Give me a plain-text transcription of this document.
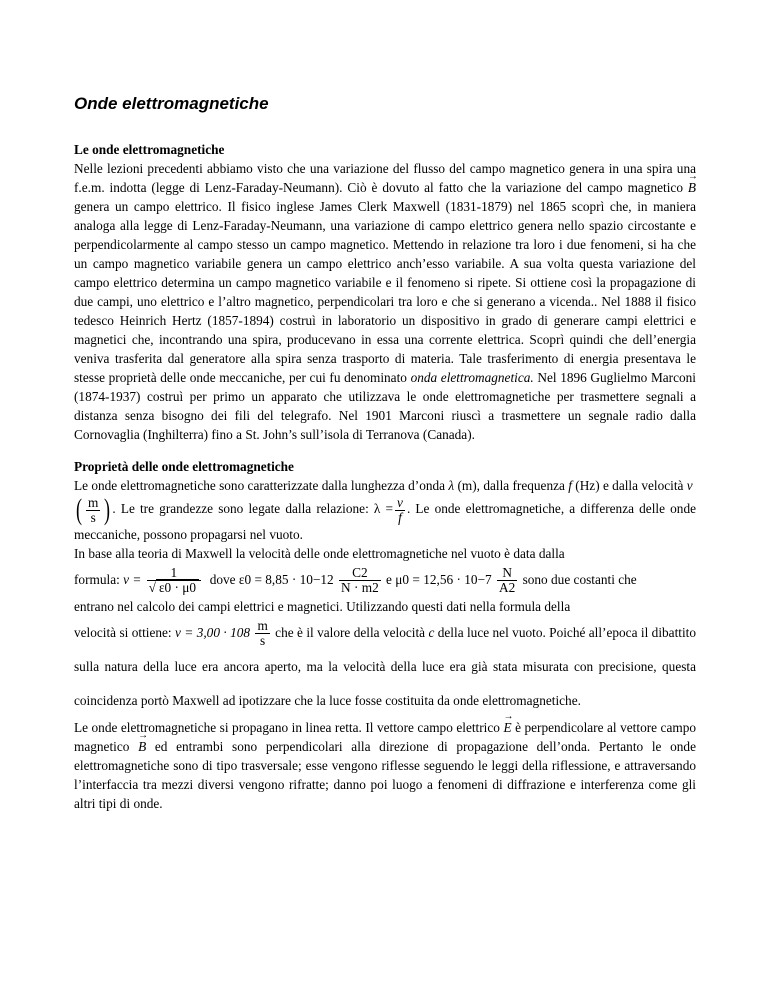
Onde elettromagnetiche
Le onde elettromagnetiche

Nelle lezioni precedenti abbiamo visto che una variazione del flusso del campo magnetico genera in una spira una f.e.m. indotta (legge di Lenz-Faraday-Neumann). Ciò è dovuto al fatto che la variazione del campo magnetico → B genera un campo elettrico. Il fisico inglese James Clerk Maxwell (1831-1879) nel 1865 scoprì che, in maniera analoga alla legge di Lenz-Faraday-Neumann, una variazione di campo elettrico genera nello spazio circostante e perpendicolarmente al campo stesso un campo magnetico. Mettendo in relazione tra loro i due fenomeni, si ha che un campo magnetico variabile genera un campo elettrico anch’esso variabile. A sua volta questa variazione del campo elettrico determina un campo magnetico variabile e il fenomeno si ripete. Si ottiene così la propagazione di due campi, uno elettrico e l’altro magnetico, perpendicolari tra loro e che si generano a vicenda.. Nel 1888 il fisico tedesco Heinrich Hertz (1857-1894) costruì in laboratorio un dispositivo in grado di generare campi elettrici e magnetici che, incontrando una spira, producevano in essa una corrente elettrica. Scoprì quindi che dell’energia veniva trasferita dal generatore alla spira senza trasporto di materia. Tale trasferimento di energia presentava le stesse proprietà delle onde meccaniche, per cui fu denominato onda elettromagnetica. Nel 1896 Guglielmo Marconi (1874-1937) costruì per primo un apparato che utilizzava le onde elettromagnetiche per trasmettere segnali a distanza senza bisogno dei fili del telegrafo. Nel 1901 Marconi riuscì a trasmettere un segnale radio dalla Cornovaglia (Inghilterra) fino a St. John’s sull’isola di Terranova (Canada).

Proprietà delle onde elettromagnetiche

Le onde elettromagnetiche sono caratterizzate dalla lunghezza d’onda λ (m), dalla frequenza f (Hz) e dalla velocità v ( $\frac{m}{s}$ ) . Le tre grandezze sono legate dalla relazione: $\lambda = \frac{v}{f}$ . Le onde elettromagnetiche, a differenza delle onde meccaniche, possono propagarsi nel vuoto.

In base alla teoria di Maxwell la velocità delle onde elettromagnetiche nel vuoto è data dalla

formula: $v = \frac{1}{√ \varepsilon 0 \cdot \mu 0}$ dove $\varepsilon 0 = 8,85 \cdot 10-12 \frac{C2}{N \cdot m2}$ e $\mu 0 = 12,56 \cdot 10-7 \frac{N}{A2}$ sono due costanti che

entrano nel calcolo dei campi elettrici e magnetici. Utilizzando questi dati nella formula della

velocità si ottiene: $v = 3,00 \cdot 108 \frac{m}{s}$ che è il valore della velocità c della luce nel vuoto. Poiché all’epoca il dibattito sulla natura della luce era ancora aperto, ma la velocità della luce era già stata misurata con precisione, questa coincidenza portò Maxwell ad ipotizzare che la luce fosse costituita da onde elettromagnetiche.

Le onde elettromagnetiche si propagano in linea retta. Il vettore campo elettrico → E è perpendicolare al vettore campo magnetico → B ed entrambi sono perpendicolari alla direzione di propagazione dell’onda. Pertanto le onde elettromagnetiche sono di tipo trasversale; esse vengono riflesse seguendo le leggi della riflessione, e attraversando l’interfaccia tra mezzi diversi vengono rifratte; danno poi luogo a fenomeni di diffrazione e interferenza come gli altri tipi di onde.
